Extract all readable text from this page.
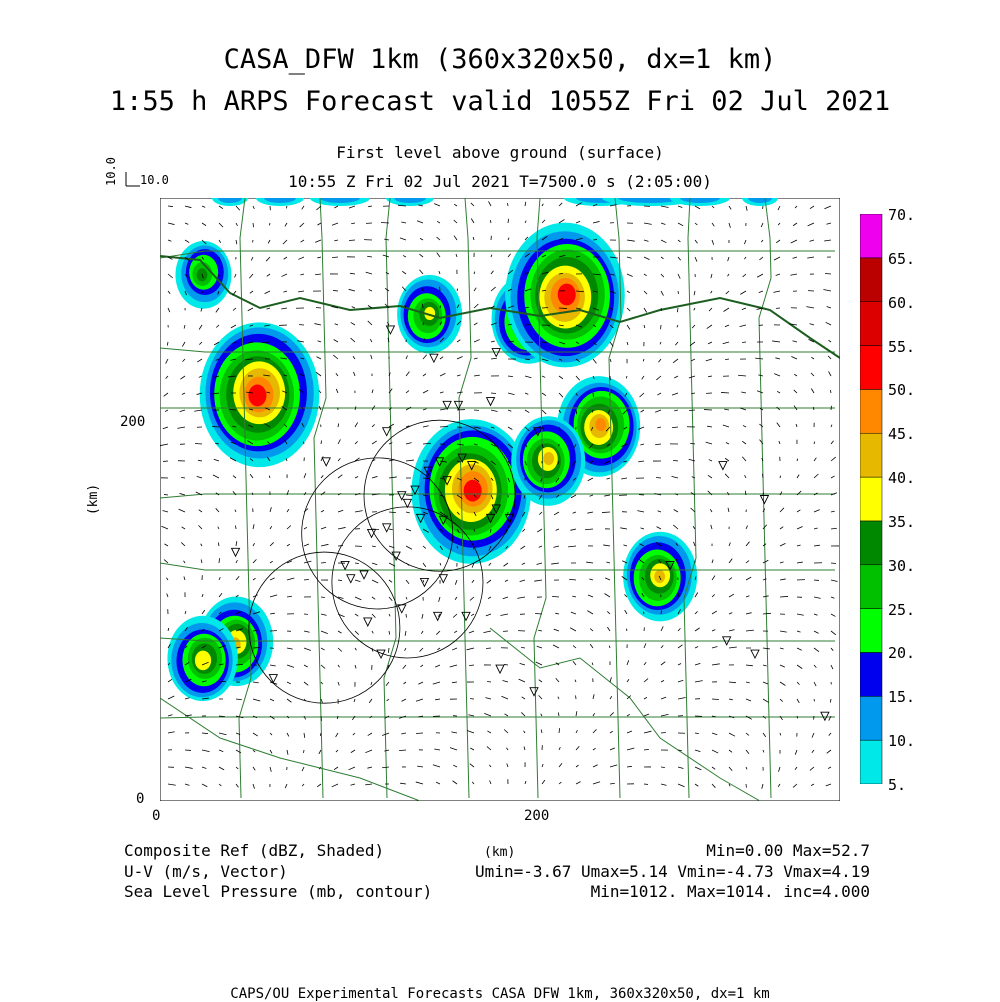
CASA_DFW 1km (360x320x50, dx=1 km)
1:55 h ARPS Forecast valid 1055Z Fri 02 Jul 2021
First level above ground (surface)
10:55 Z Fri 02 Jul 2021 T=7500.0 s (2:05:00)
10.0
10.0
(km)
200
0
0	200
Composite Ref (dBZ, Shaded)
U-V (m/s, Vector)
Sea Level Pressure (mb, contour)
(km)	Min=0.00 Max=52.7
Umin=-3.67 Umax=5.14 Vmin=-4.73 Vmax=4.19
Min=1012. Max=1014. inc=4.000
CAPS/OU Experimental Forecasts CASA DFW 1km, 360x320x50, dx=1 km
5.
10.
15.
20.
25.
30.
35.
40.
45.
50.
55.
60.
65.
70.
